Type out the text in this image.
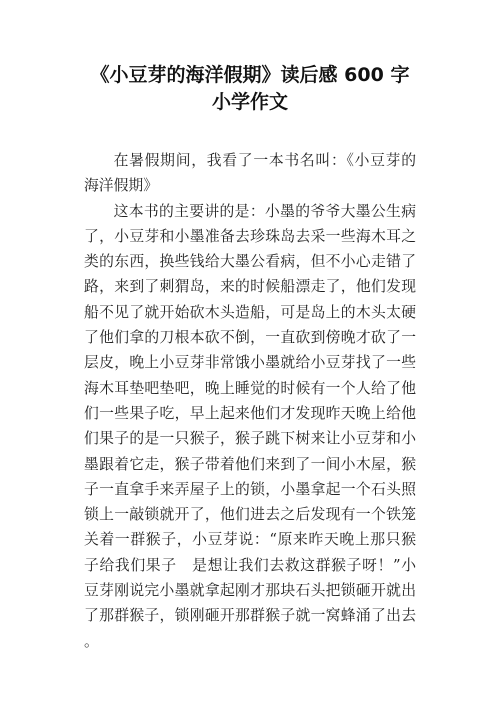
《小豆芽的海洋假期》读后感 600 字
小学作文

在暑假期间，我看了一本书名叫：《小豆芽的海洋假期》

这本书的主要讲的是：小墨的爷爷大墨公生病了，小豆芽和小墨准备去珍珠岛去采一些海木耳之类的东西，换些钱给大墨公看病，但不小心走错了路，来到了刺猬岛，来的时候船漂走了，他们发现船不见了就开始砍木头造船，可是岛上的木头太硬了他们拿的刀根本砍不倒，一直砍到傍晚才砍了一层皮，晚上小豆芽非常饿小墨就给小豆芽找了一些海木耳垫吧垫吧，晚上睡觉的时候有一个人给了他们一些果子吃，早上起来他们才发现昨天晚上给他们果子的是一只猴子，猴子跳下树来让小豆芽和小墨跟着它走，猴子带着他们来到了一间小木屋，猴子一直拿手来弄屋子上的锁，小墨拿起一个石头照锁上一敲锁就开了，他们进去之后发现有一个铁笼关着一群猴子，小豆芽说：“原来昨天晚上那只猴子给我们果子　是想让我们去救这群猴子呀！”小豆芽刚说完小墨就拿起刚才那块石头把锁砸开就出了那群猴子，锁刚砸开那群猴子就一窝蜂涌了出去。
